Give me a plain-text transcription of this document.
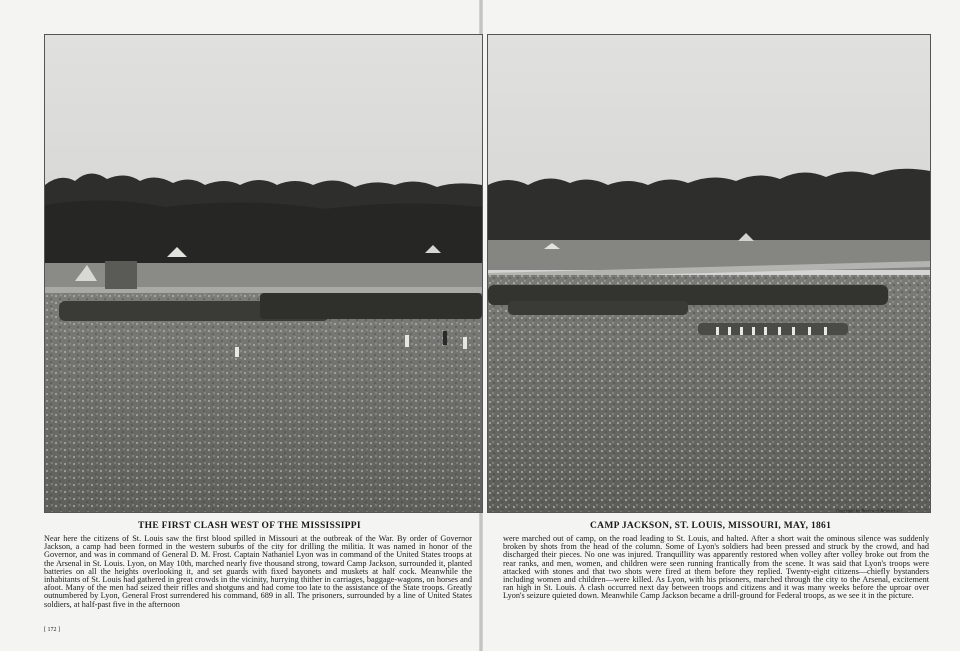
THE FIRST CLASH WEST OF THE MISSISSIPPI	CAMP JACKSON, ST. LOUIS, MISSOURI, MAY, 1861
Copyright by Review of Reviews Co.
Near here the citizens of St. Louis saw the first blood spilled in Missouri at the outbreak of the War. By order of Governor Jackson, a camp had been formed in the western suburbs of the city for drilling the militia. It was named in honor of the Governor, and was in command of General D. M. Frost. Captain Nathaniel Lyon was in command of the United States troops at the Arsenal in St. Louis. Lyon, on May 10th, marched nearly five thousand strong, toward Camp Jackson, surrounded it, planted batteries on all the heights overlooking it, and set guards with fixed bayonets and muskets at half cock. Meanwhile the inhabitants of St. Louis had gathered in great crowds in the vicinity, hurrying thither in carriages, baggage-wagons, on horses and afoot. Many of the men had seized their rifles and shotguns and had come too late to the assistance of the State troops. Greatly outnumbered by Lyon, General Frost surrendered his command, 689 in all. The prisoners, surrounded by a line of United States soldiers, at half-past five in the afternoon
were marched out of camp, on the road leading to St. Louis, and halted. After a short wait the ominous silence was suddenly broken by shots from the head of the column. Some of Lyon's soldiers had been pressed and struck by the crowd, and had discharged their pieces. No one was injured. Tranquillity was apparently restored when volley after volley broke out from the rear ranks, and men, women, and children were seen running frantically from the scene. It was said that Lyon's troops were attacked with stones and that two shots were fired at them before they replied. Twenty-eight citizens—chiefly bystanders including women and children—were killed. As Lyon, with his prisoners, marched through the city to the Arsenal, excitement ran high in St. Louis. A clash occurred next day between troops and citizens and it was many weeks before the uproar over Lyon's seizure quieted down. Meanwhile Camp Jackson became a drill-ground for Federal troops, as we see it in the picture.
[ 172 ]
